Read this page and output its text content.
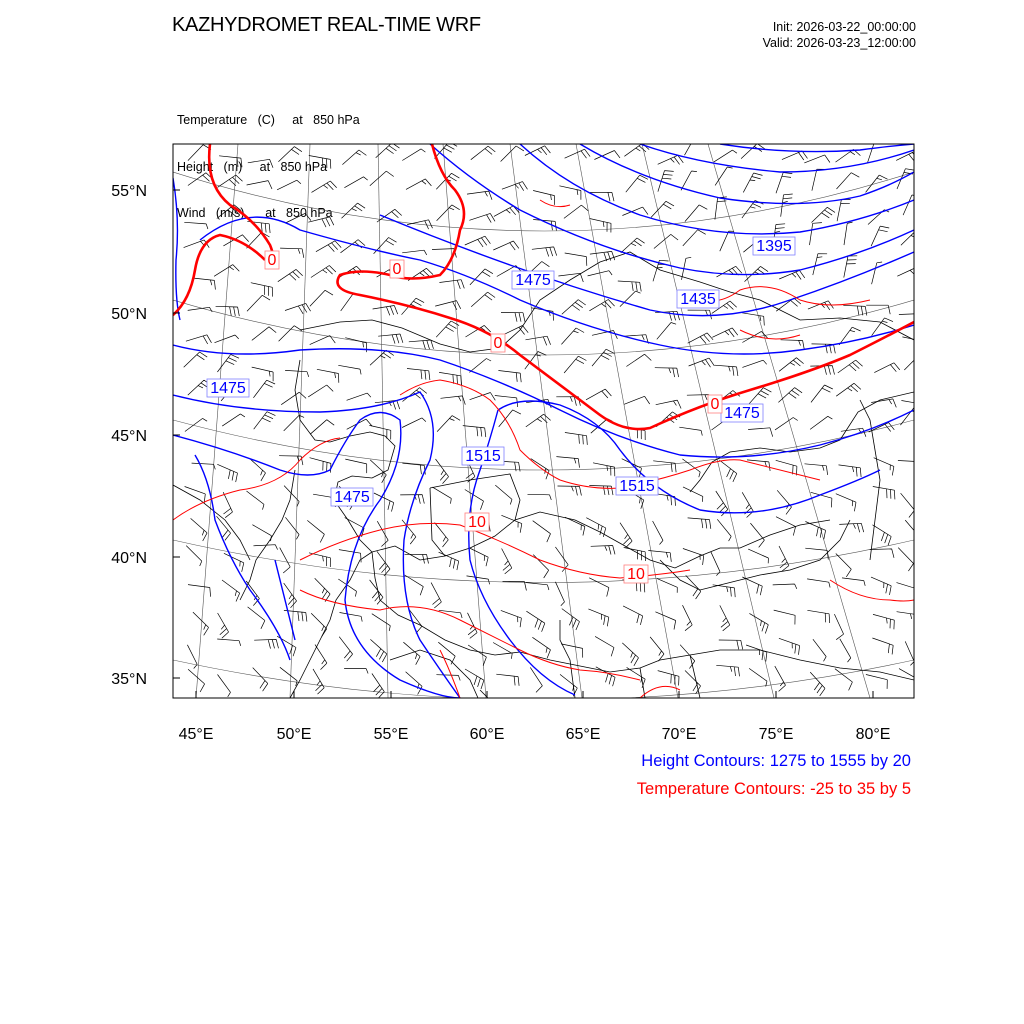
KAZHYDROMET REAL-TIME WRF	Init: 2026-03-22_00:00:00
Valid: 2026-03-23_12:00:00

Temperature   (C)     at   850 hPa

Height   (m)     at   850 hPa

Wind   (m/s)      at   850 hPa

55°N
50°N
45°N
40°N
35°N
45°E	50°E	55°E	60°E	65°E	70°E	75°E	80°E
1395
1435
1475
1475
1475
1475
1515
1515
0
0
0
0
10
10
Height Contours: 1275 to 1555 by 20
Temperature Contours: -25 to 35 by 5
